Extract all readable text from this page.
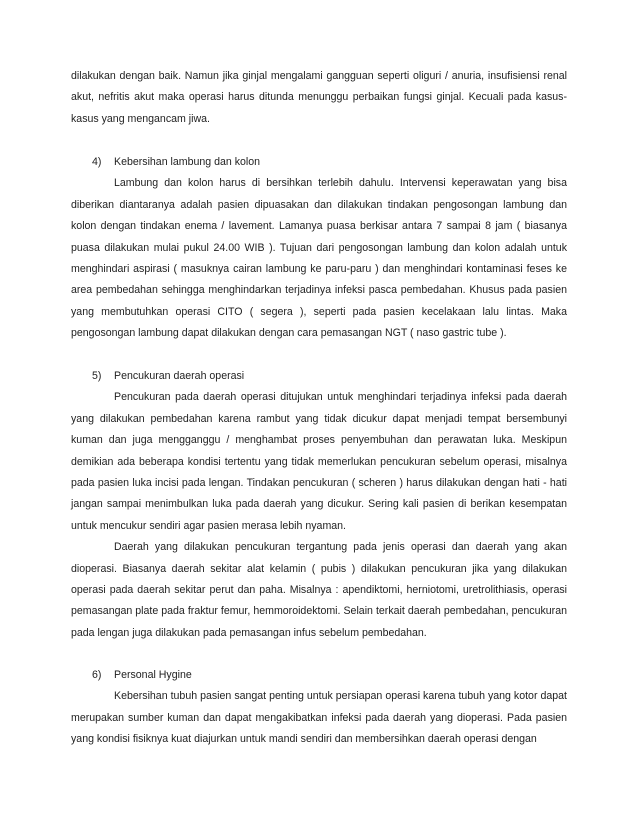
dilakukan dengan baik. Namun jika ginjal mengalami gangguan seperti oliguri / anuria, insufisiensi renal akut, nefritis akut maka operasi harus ditunda menunggu perbaikan fungsi ginjal. Kecuali pada kasus-kasus yang mengancam jiwa.

4) Kebersihan lambung dan kolon

Lambung dan kolon harus di bersihkan terlebih dahulu. Intervensi keperawatan yang bisa diberikan diantaranya adalah pasien dipuasakan dan dilakukan tindakan pengosongan lambung dan kolon dengan tindakan enema / lavement. Lamanya puasa berkisar antara 7 sampai 8 jam ( biasanya puasa dilakukan mulai pukul 24.00 WIB ). Tujuan dari pengosongan lambung dan kolon adalah untuk menghindari aspirasi ( masuknya cairan lambung ke paru-paru ) dan menghindari kontaminasi feses ke area pembedahan sehingga menghindarkan terjadinya infeksi pasca pembedahan. Khusus pada pasien yang membutuhkan operasi CITO ( segera ), seperti pada pasien kecelakaan lalu lintas. Maka pengosongan lambung dapat dilakukan dengan cara pemasangan NGT ( naso gastric tube ).

5) Pencukuran daerah operasi

Pencukuran pada daerah operasi ditujukan untuk menghindari terjadinya infeksi pada daerah yang dilakukan pembedahan karena rambut yang tidak dicukur dapat menjadi tempat bersembunyi kuman dan juga mengganggu / menghambat proses penyembuhan dan perawatan luka. Meskipun demikian ada beberapa kondisi tertentu yang tidak memerlukan pencukuran sebelum operasi, misalnya pada pasien luka incisi pada lengan. Tindakan pencukuran ( scheren ) harus dilakukan dengan hati - hati jangan sampai menimbulkan luka pada daerah yang dicukur. Sering kali pasien di berikan kesempatan untuk mencukur sendiri agar pasien merasa lebih nyaman.

Daerah yang dilakukan pencukuran tergantung pada jenis operasi dan daerah yang akan dioperasi. Biasanya daerah sekitar alat kelamin ( pubis ) dilakukan pencukuran jika yang dilakukan operasi pada daerah sekitar perut dan paha. Misalnya : apendiktomi, herniotomi, uretrolithiasis, operasi pemasangan plate pada fraktur femur, hemmoroidektomi. Selain terkait daerah pembedahan, pencukuran pada lengan juga dilakukan pada pemasangan infus sebelum pembedahan.

6) Personal Hygine

Kebersihan tubuh pasien sangat penting untuk persiapan operasi karena tubuh yang kotor dapat merupakan sumber kuman dan dapat mengakibatkan infeksi pada daerah yang dioperasi. Pada pasien yang kondisi fisiknya kuat diajurkan untuk mandi sendiri dan membersihkan daerah operasi dengan
